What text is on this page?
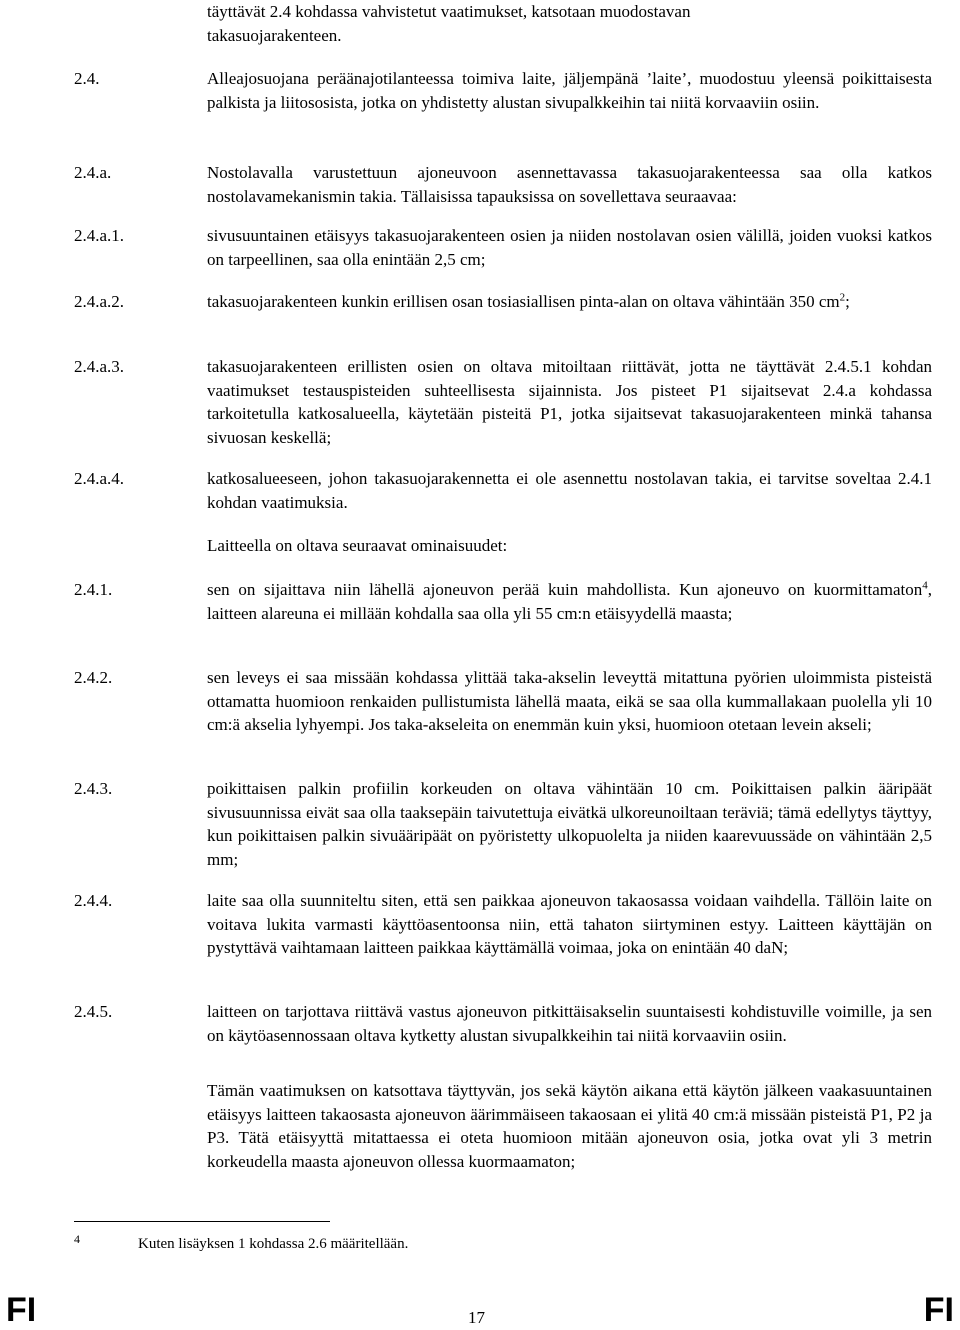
täyttävät 2.4 kohdassa vahvistetut vaatimukset, katsotaan muodostavan
takasuojarakenteen.
2.4.	Alleajosuojana peräänajotilanteessa toimiva laite, jäljempänä ’laite’, muodostuu yleensä poikittaisesta palkista ja liitososista, jotka on yhdistetty alustan sivupalkkeihin tai niitä korvaaviin osiin.
2.4.a.	Nostolavalla varustettuun ajoneuvoon asennettavassa takasuojarakenteessa saa olla katkos nostolavamekanismin takia. Tällaisissa tapauksissa on sovellettava seuraavaa:
2.4.a.1.	sivusuuntainen etäisyys takasuojarakenteen osien ja niiden nostolavan osien välillä, joiden vuoksi katkos on tarpeellinen, saa olla enintään 2,5 cm;
2.4.a.2.	takasuojarakenteen kunkin erillisen osan tosiasiallisen pinta-alan on oltava vähintään 350 $cm^2$;
2.4.a.3.	takasuojarakenteen erillisten osien on oltava mitoiltaan riittävät, jotta ne täyttävät 2.4.5.1 kohdan vaatimukset testauspisteiden suhteellisesta sijainnista. Jos pisteet P1 sijaitsevat 2.4.a kohdassa tarkoitetulla katkosalueella, käytetään pisteitä P1, jotka sijaitsevat takasuojarakenteen minkä tahansa sivuosan keskellä;
2.4.a.4.	katkosalueeseen, johon takasuojarakennetta ei ole asennettu nostolavan takia, ei tarvitse soveltaa 2.4.1 kohdan vaatimuksia.
Laitteella on oltava seuraavat ominaisuudet:
2.4.1.	sen on sijaittava niin lähellä ajoneuvon perää kuin mahdollista. Kun ajoneuvo on kuormittamaton$^4$, laitteen alareuna ei millään kohdalla saa olla yli 55 cm:n etäisyydellä maasta;
2.4.2.	sen leveys ei saa missään kohdassa ylittää taka-akselin leveyttä mitattuna pyörien uloimmista pisteistä ottamatta huomioon renkaiden pullistumista lähellä maata, eikä se saa olla kummallakaan puolella yli 10 cm:ä akselia lyhyempi. Jos taka-akseleita on enemmän kuin yksi, huomioon otetaan levein akseli;
2.4.3.	poikittaisen palkin profiilin korkeuden on oltava vähintään 10 cm. Poikittaisen palkin ääripäät sivusuunnissa eivät saa olla taaksepäin taivutettuja eivätkä ulkoreunoiltaan teräviä; tämä edellytys täyttyy, kun poikittaisen palkin sivuääripäät on pyöristetty ulkopuolelta ja niiden kaarevuussäde on vähintään 2,5 mm;
2.4.4.	laite saa olla suunniteltu siten, että sen paikkaa ajoneuvon takaosassa voidaan vaihdella. Tällöin laite on voitava lukita varmasti käyttöasentoonsa niin, että tahaton siirtyminen estyy. Laitteen käyttäjän on pystyttävä vaihtamaan laitteen paikkaa käyttämällä voimaa, joka on enintään 40 daN;
2.4.5.	laitteen on tarjottava riittävä vastus ajoneuvon pitkittäisakselin suuntaisesti kohdistuville voimille, ja sen on käytöasennossaan oltava kytketty alustan sivupalkkeihin tai niitä korvaaviin osiin.
Tämän vaatimuksen on katsottava täyttyvän, jos sekä käytön aikana että käytön jälkeen vaakasuuntainen etäisyys laitteen takaosasta ajoneuvon äärimmäiseen takaosaan ei ylitä 40 cm:ä missään pisteistä P1, P2 ja P3. Tätä etäisyyttä mitattaessa ei oteta huomioon mitään ajoneuvon osia, jotka ovat yli 3 metrin korkeudella maasta ajoneuvon ollessa kuormaamaton;
4	Kuten lisäyksen 1 kohdassa 2.6 määritellään.
FI	17	FI
